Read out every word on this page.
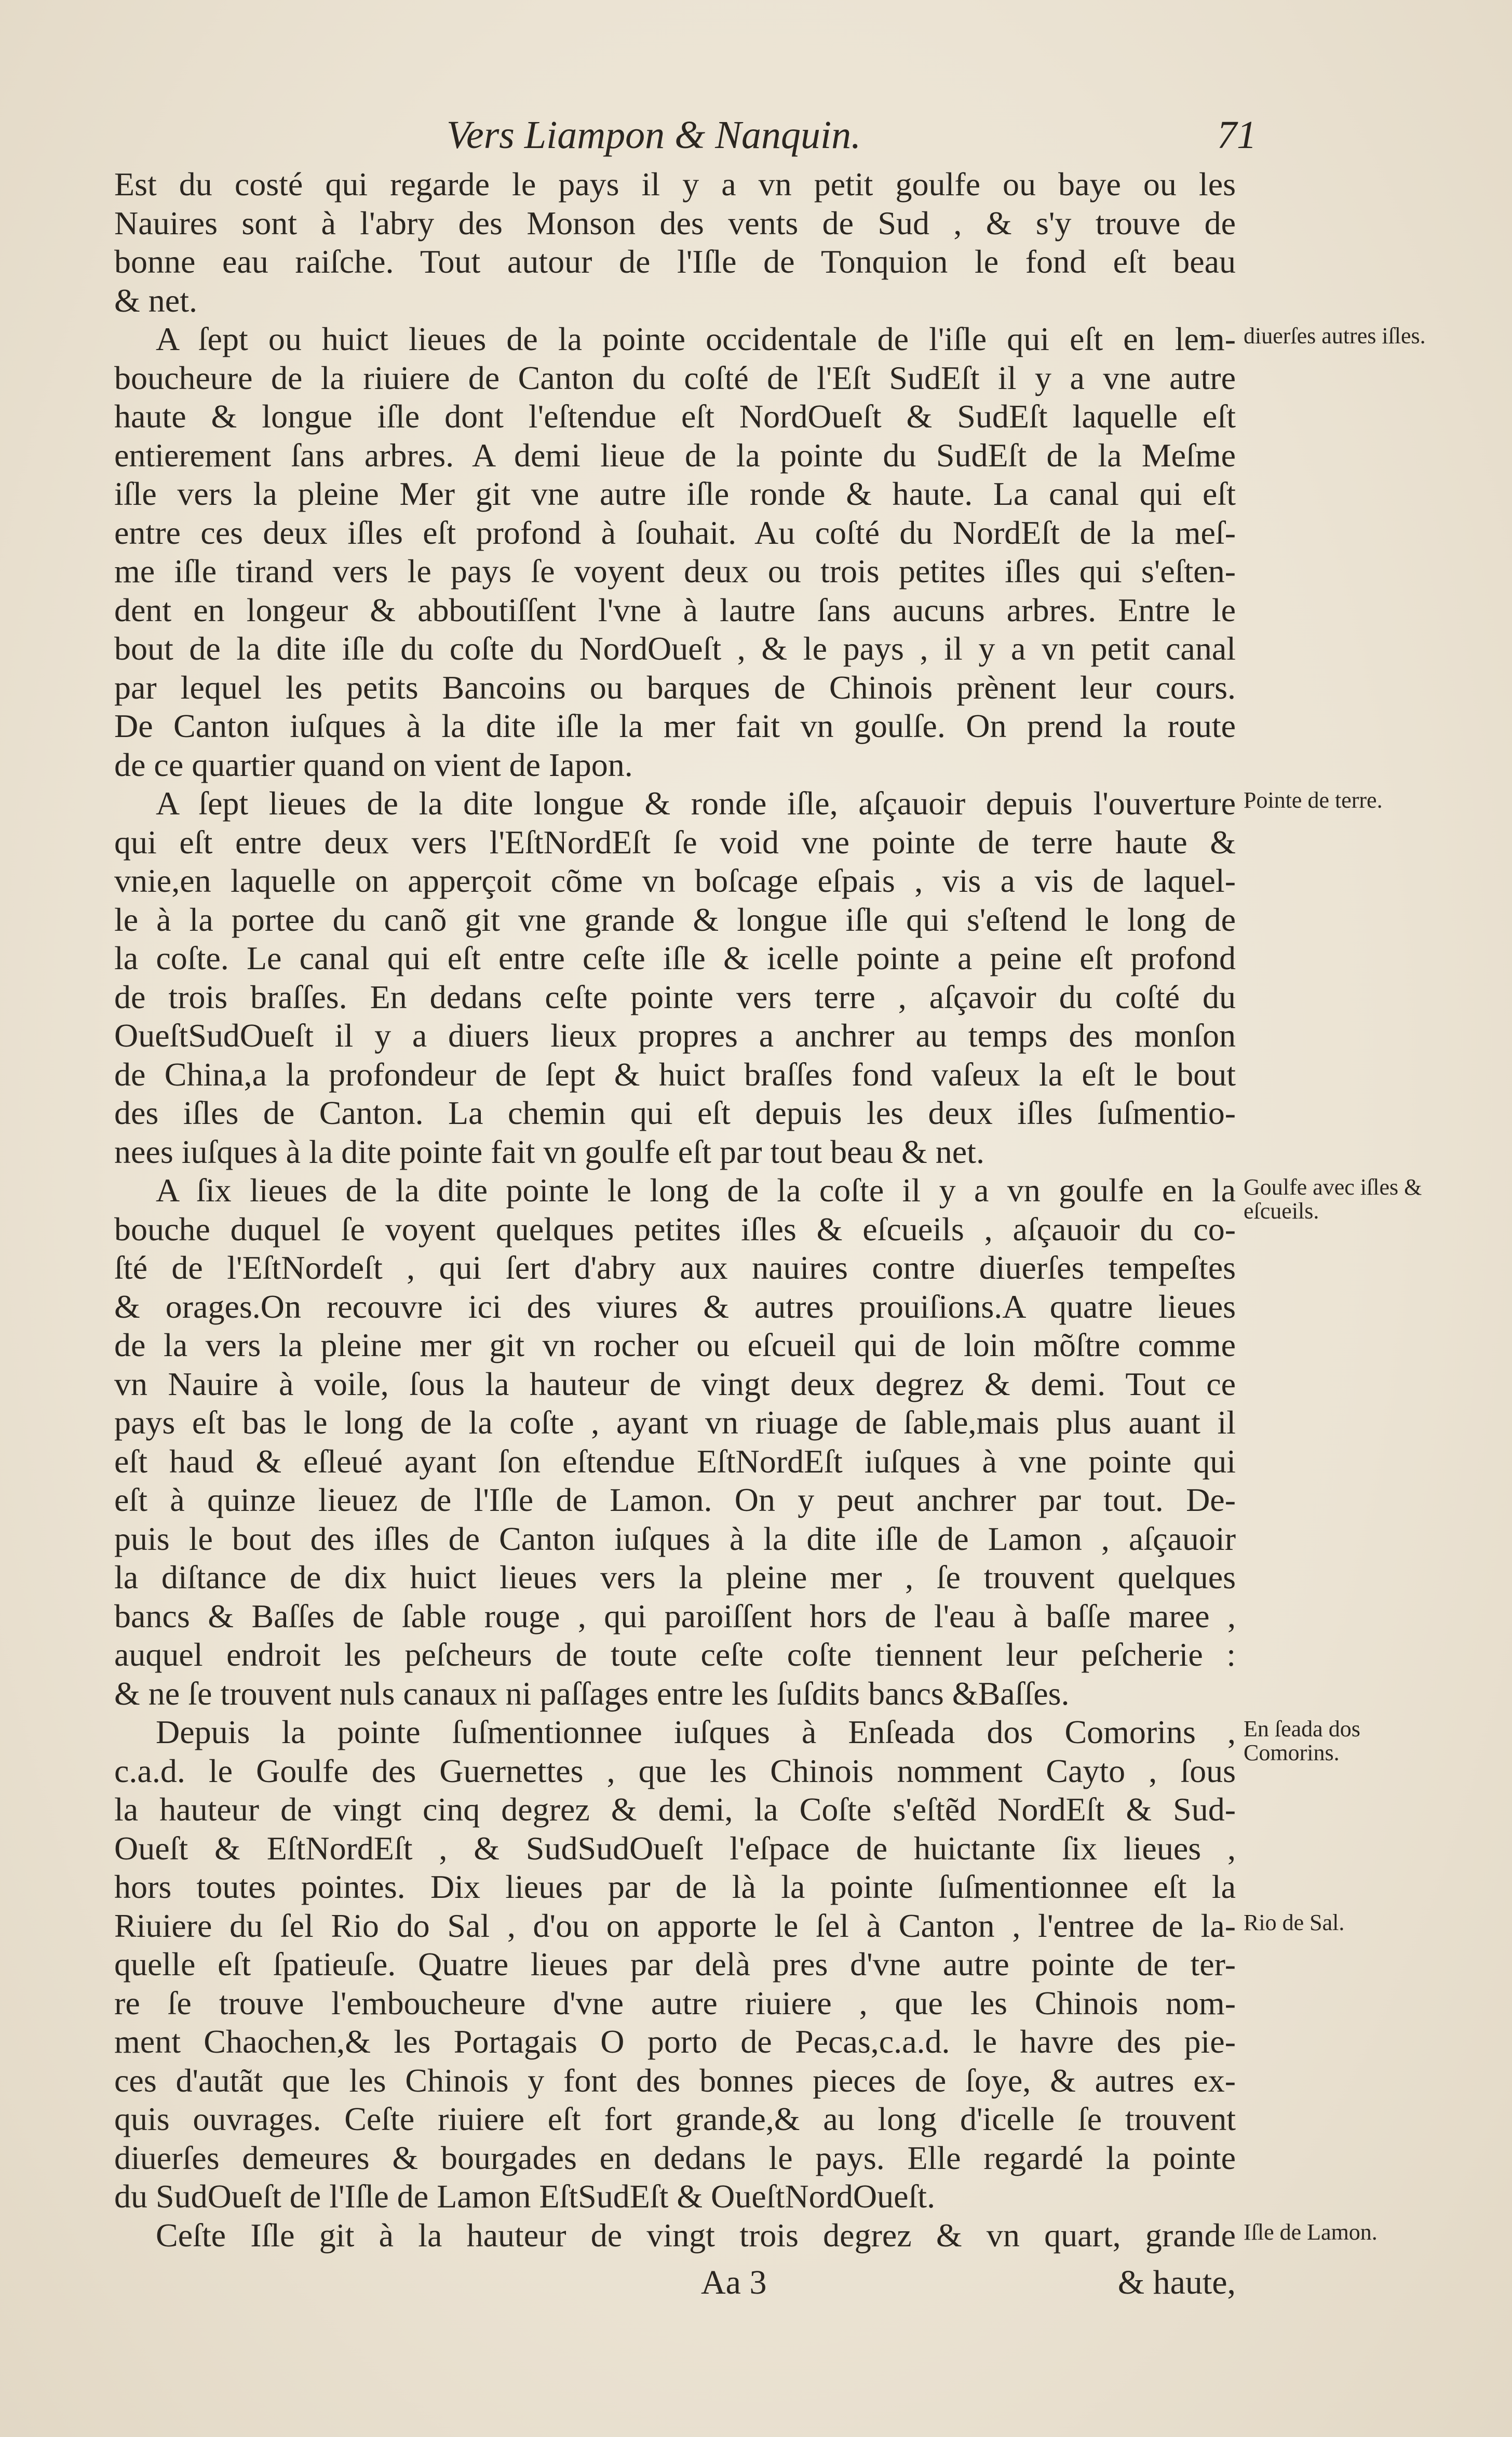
Vers Liampon & Nanquin.	71
Est du costé qui regarde le pays il y a vn petit goulfe ou baye ou les
Nauires sont à l'abry des Monson des vents de Sud , & s'y trouve de
bonne eau raiſche. Tout autour de l'Iſle de Tonquion le fond eſt beau
& net.
A ſept ou huict lieues de la pointe occidentale de l'iſle qui eſt en lem-
boucheure de la riuiere de Canton du coſté de l'Eſt SudEſt il y a vne autre
haute & longue iſle dont l'eſtendue eſt NordOueſt & SudEſt laquelle eſt
entierement ſans arbres. A demi lieue de la pointe du SudEſt de la Meſme
iſle vers la pleine Mer git vne autre iſle ronde & haute. La canal qui eſt
entre ces deux iſles eſt profond à ſouhait. Au coſté du NordEſt de la meſ-
me iſle tirand vers le pays ſe voyent deux ou trois petites iſles qui s'eſten-
dent en longeur & abboutiſſent l'vne à lautre ſans aucuns arbres. Entre le
bout de la dite iſle du coſte du NordOueſt , & le pays , il y a vn petit canal
par lequel les petits Bancoins ou barques de Chinois prènent leur cours.
De Canton iuſques à la dite iſle la mer fait vn goulſe. On prend la route
de ce quartier quand on vient de Iapon.
A ſept lieues de la dite longue & ronde iſle, aſçauoir depuis l'ouverture
qui eſt entre deux vers l'EſtNordEſt ſe void vne pointe de terre haute &
vnie,en laquelle on apperçoit cõme vn boſcage eſpais , vis a vis de laquel-
le à la portee du canõ git vne grande & longue iſle qui s'eſtend le long de
la coſte. Le canal qui eſt entre ceſte iſle & icelle pointe a peine eſt profond
de trois braſſes. En dedans ceſte pointe vers terre , aſçavoir du coſté du
OueſtSudOueſt il y a diuers lieux propres a anchrer au temps des monſon
de China,a la profondeur de ſept & huict braſſes fond vaſeux la eſt le bout
des iſles de Canton. La chemin qui eſt depuis les deux iſles ſuſmentio-
nees iuſques à la dite pointe fait vn goulfe eſt par tout beau & net.
A ſix lieues de la dite pointe le long de la coſte il y a vn goulfe en la
bouche duquel ſe voyent quelques petites iſles & eſcueils , aſçauoir du co-
ſté de l'EſtNordeſt , qui ſert d'abry aux nauires contre diuerſes tempeſtes
& orages.On recouvre ici des viures & autres prouiſions.A quatre lieues
de la vers la pleine mer git vn rocher ou eſcueil qui de loin mõſtre comme
vn Nauire à voile, ſous la hauteur de vingt deux degrez & demi. Tout ce
pays eſt bas le long de la coſte , ayant vn riuage de ſable,mais plus auant il
eſt haud & eſleué ayant ſon eſtendue EſtNordEſt iuſques à vne pointe qui
eſt à quinze lieuez de l'Iſle de Lamon. On y peut anchrer par tout. De-
puis le bout des iſles de Canton iuſques à la dite iſle de Lamon , aſçauoir
la diſtance de dix huict lieues vers la pleine mer , ſe trouvent quelques
bancs & Baſſes de ſable rouge , qui paroiſſent hors de l'eau à baſſe maree ,
auquel endroit les peſcheurs de toute ceſte coſte tiennent leur peſcherie :
& ne ſe trouvent nuls canaux ni paſſages entre les ſuſdits bancs &Baſſes.
Depuis la pointe ſuſmentionnee iuſques à Enſeada dos Comorins ,
c.a.d. le Goulfe des Guernettes , que les Chinois nomment Cayto , ſous
la hauteur de vingt cinq degrez & demi, la Coſte s'eſtẽd NordEſt & Sud-
Oueſt & EſtNordEſt , & SudSudOueſt l'eſpace de huictante ſix lieues ,
hors toutes pointes. Dix lieues par de là la pointe ſuſmentionnee eſt la
Riuiere du ſel Rio do Sal , d'ou on apporte le ſel à Canton , l'entree de la-
quelle eſt ſpatieuſe. Quatre lieues par delà pres d'vne autre pointe de ter-
re ſe trouve l'emboucheure d'vne autre riuiere , que les Chinois nom-
ment Chaochen,& les Portagais O porto de Pecas,c.a.d. le havre des pie-
ces d'autãt que les Chinois y font des bonnes pieces de ſoye, & autres ex-
quis ouvrages. Ceſte riuiere eſt fort grande,& au long d'icelle ſe trouvent
diuerſes demeures & bourgades en dedans le pays. Elle regardé la pointe
du SudOueſt de l'Iſle de Lamon EſtSudEſt & OueſtNordOueſt.
Ceſte Iſle git à la hauteur de vingt trois degrez & vn quart, grande
diuerſes autres iſles.
Pointe de terre.
Goulfe avec iſles & eſcueils.
En ſeada dos Comorins.
Rio de Sal.
Iſle de Lamon.
Aa 3	& haute,
